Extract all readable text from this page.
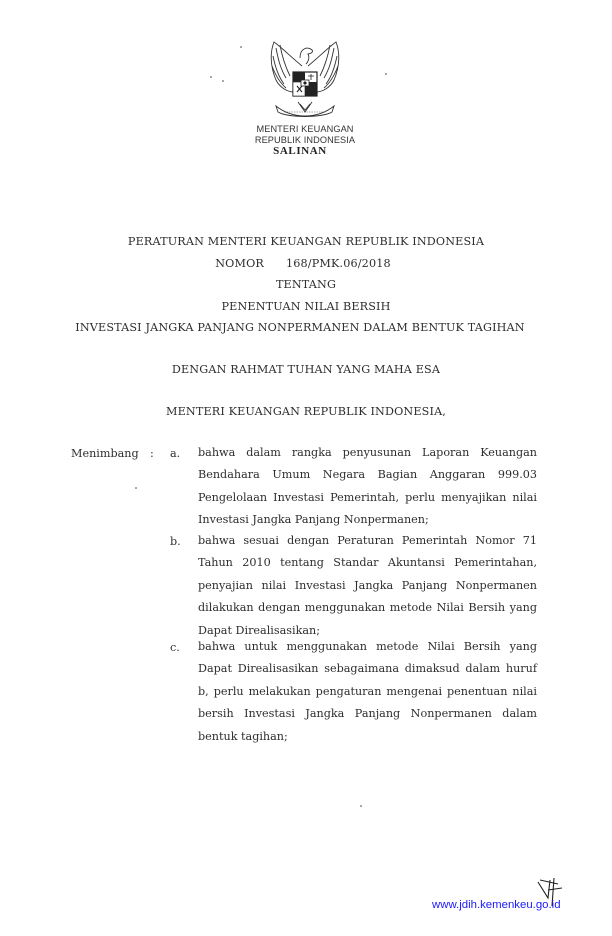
MENTERI KEUANGAN
REPUBLIK INDONESIA
SALINAN
PERATURAN MENTERI KEUANGAN REPUBLIK INDONESIA
NOMOR 168/PMK.06/2018
TENTANG
PENENTUAN NILAI BERSIH
INVESTASI JANGKA PANJANG NONPERMANEN DALAM BENTUK TAGIHAN
DENGAN RAHMAT TUHAN YANG MAHA ESA
MENTERI KEUANGAN REPUBLIK INDONESIA,
Menimbang : a. bahwa dalam rangka penyusunan Laporan Keuangan
Bendahara Umum Negara Bagian Anggaran 999.03
Pengelolaan Investasi Pemerintah, perlu menyajikan nilai
Investasi Jangka Panjang Nonpermanen;
b. bahwa sesuai dengan Peraturan Pemerintah Nomor 71
Tahun 2010 tentang Standar Akuntansi Pemerintahan,
penyajian nilai Investasi Jangka Panjang Nonpermanen
dilakukan dengan menggunakan metode Nilai Bersih yang
Dapat Direalisasikan;
c. bahwa untuk menggunakan metode Nilai Bersih yang
Dapat Direalisasikan sebagaimana dimaksud dalam huruf
b, perlu melakukan pengaturan mengenai penentuan nilai
bersih Investasi Jangka Panjang Nonpermanen dalam
bentuk tagihan;
www.jdih.kemenkeu.go.id
